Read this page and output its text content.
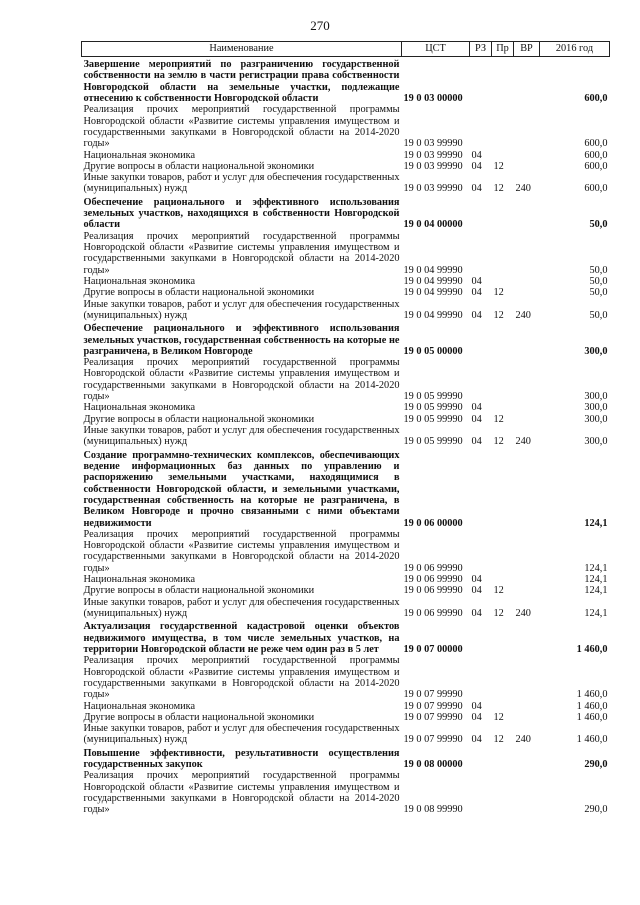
270
Наименование	ЦСТ	РЗ	Пр	ВР	2016 год
Завершение мероприятий по разграничению государственной собственности на землю в части регистрации права собственности Новгородской области на земельные участки, подлежащие отнесению к собственности Новгородской области	19 0 03 00000				600,0
Реализация прочих мероприятий государственной программы Новгородской области «Развитие системы управления имуществом и государственными закупками в Новгородской области на 2014-2020 годы»	19 0 03 99990				600,0
Национальная экономика	19 0 03 99990	04			600,0
Другие вопросы в области национальной экономики	19 0 03 99990	04	12		600,0
Иные закупки товаров, работ и услуг для обеспечения государственных (муниципальных) нужд	19 0 03 99990	04	12	240	600,0
Обеспечение рационального и эффективного использования земельных участков, находящихся в собственности Новгородской области	19 0 04 00000				50,0
Реализация прочих мероприятий государственной программы Новгородской области «Развитие системы управления имуществом и государственными закупками в Новгородской области на 2014-2020 годы»	19 0 04 99990				50,0
Национальная экономика	19 0 04 99990	04			50,0
Другие вопросы в области национальной экономики	19 0 04 99990	04	12		50,0
Иные закупки товаров, работ и услуг для обеспечения государственных (муниципальных) нужд	19 0 04 99990	04	12	240	50,0
Обеспечение рационального и эффективного использования земельных участков, государственная собственность на которые не разграничена, в Великом Новгороде	19 0 05 00000				300,0
Реализация прочих мероприятий государственной программы Новгородской области «Развитие системы управления имуществом и государственными закупками в Новгородской области на 2014-2020 годы»	19 0 05 99990				300,0
Национальная экономика	19 0 05 99990	04			300,0
Другие вопросы в области национальной экономики	19 0 05 99990	04	12		300,0
Иные закупки товаров, работ и услуг для обеспечения государственных (муниципальных) нужд	19 0 05 99990	04	12	240	300,0
Создание программно-технических комплексов, обеспечивающих ведение информационных баз данных по управлению и распоряжению земельными участками, находящимися в собственности Новгородской области, и земельными участками, государственная собственность на которые не разграничена, в Великом Новгороде и прочно связанными с ними объектами недвижимости	19 0 06 00000				124,1
Реализация прочих мероприятий государственной программы Новгородской области «Развитие системы управления имуществом и государственными закупками в Новгородской области на 2014-2020 годы»	19 0 06 99990				124,1
Национальная экономика	19 0 06 99990	04			124,1
Другие вопросы в области национальной экономики	19 0 06 99990	04	12		124,1
Иные закупки товаров, работ и услуг для обеспечения государственных (муниципальных) нужд	19 0 06 99990	04	12	240	124,1
Актуализация государственной кадастровой оценки объектов недвижимого имущества, в том числе земельных участков, на территории Новгородской области не реже чем один раз в 5 лет	19 0 07 00000				1 460,0
Реализация прочих мероприятий государственной программы Новгородской области «Развитие системы управления имуществом и государственными закупками в Новгородской области на 2014-2020 годы»	19 0 07 99990				1 460,0
Национальная экономика	19 0 07 99990	04			1 460,0
Другие вопросы в области национальной экономики	19 0 07 99990	04	12		1 460,0
Иные закупки товаров, работ и услуг для обеспечения государственных (муниципальных) нужд	19 0 07 99990	04	12	240	1 460,0
Повышение эффективности, результативности осуществления государственных закупок	19 0 08 00000				290,0
Реализация прочих мероприятий государственной программы Новгородской области «Развитие системы управления имуществом и государственными закупками в Новгородской области на 2014-2020 годы»	19 0 08 99990				290,0
